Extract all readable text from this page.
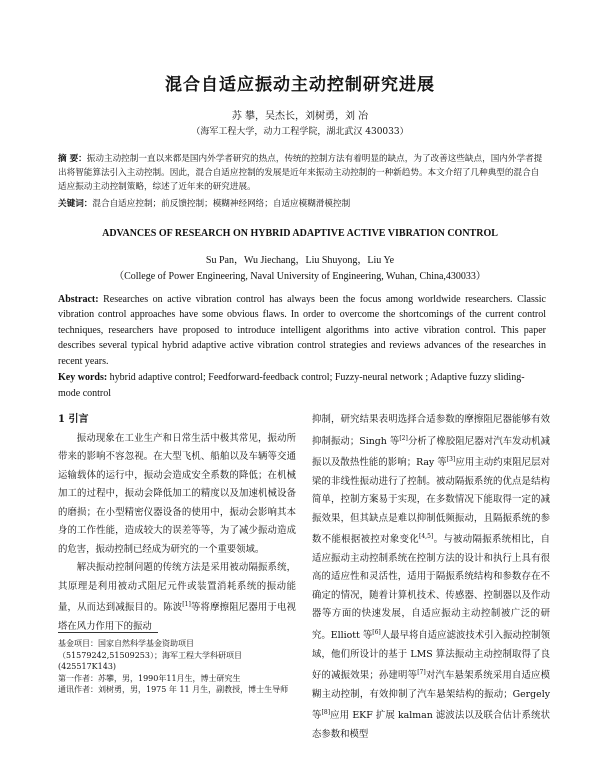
混合自适应振动主动控制研究进展
苏 攀，吴杰长，刘树勇，刘 冶
（海军工程大学，动力工程学院，湖北武汉 430033）
摘 要：振动主动控制一直以来都是国内外学者研究的热点，传统的控制方法有着明显的缺点，为了改善这些缺点，国内外学者提出将智能算法引入主动控制。因此，混合自适应控制的发展是近年来振动主动控制的一种新趋势。本文介绍了几种典型的混合自适应振动主动控制策略，综述了近年来的研究进展。
关键词：混合自适应控制；前反馈控制；模糊神经网络；自适应模糊滑模控制
ADVANCES OF RESEARCH ON HYBRID ADAPTIVE ACTIVE VIBRATION CONTROL
Su Pan，Wu Jiechang，Liu Shuyong，Liu Ye
（College of Power Engineering, Naval University of Engineering, Wuhan, China,430033）
Abstract: Researches on active vibration control has always been the focus among worldwide researchers. Classic vibration control approaches have some obvious flaws. In order to overcome the shortcomings of the current control techniques, researchers have proposed to introduce intelligent algorithms into active vibration control. This paper describes several typical hybrid adaptive active vibration control strategies and reviews advances of the researches in recent years.
Key words: hybrid adaptive control; Feedforward-feedback control; Fuzzy-neural network ; Adaptive fuzzy sliding-mode control
1 引言

振动现象在工业生产和日常生活中极其常见，振动所带来的影响不容忽视。在大型飞机、船舶以及车辆等交通运输载体的运行中，振动会造成安全系数的降低；在机械加工的过程中，振动会降低加工的精度以及加速机械设备的磨损；在小型精密仪器设备的使用中，振动会影响其本身的工作性能，造成较大的误差等等，为了减少振动造成的危害，振动控制已经成为研究的一个重要领域。

解决振动控制问题的传统方法是采用被动隔振系统，其原理是利用被动式阻尼元件或装置消耗系统的振动能量，从而达到减振目的。陈波[1]等将摩擦阻尼器用于电视塔在风力作用下的振动

基金项目：国家自然科学基金资助项目（51579242,51509253）；海军工程大学科研项目(425517K143)
第一作者：苏攀，男，1990年11月生，博士研究生
通讯作者：刘树勇，男，1975 年 11 月生，副教授，博士生导师

抑制，研究结果表明选择合适参数的摩擦阻尼器能够有效抑制振动；Singh 等[2]分析了橡胶阻尼器对汽车发动机减振以及散热性能的影响；Ray 等[3]应用主动约束阻尼层对梁的非线性振动进行了控制。被动隔振系统的优点是结构简单，控制方案易于实现，在多数情况下能取得一定的减振效果，但其缺点是难以抑制低频振动，且隔振系统的参数不能根据被控对象变化[4,5]。与被动隔振系统相比，自适应振动主动控制系统在控制方法的设计和执行上具有很高的适应性和灵活性，适用于隔振系统结构和参数存在不确定的情况，随着计算机技术、传感器、控制器以及作动器等方面的快速发展，自适应振动主动控制被广泛的研究。Elliott 等[6]人最早将自适应滤波技术引入振动控制领域，他们所设计的基于 LMS 算法振动主动控制取得了良好的减振效果；孙建明等[7]对汽车悬架系统采用自适应模糊主动控制，有效抑制了汽车悬架结构的振动；Gergely 等[8]应用 EKF 扩展 kalman 滤波法以及联合估计系统状态参数和模型
